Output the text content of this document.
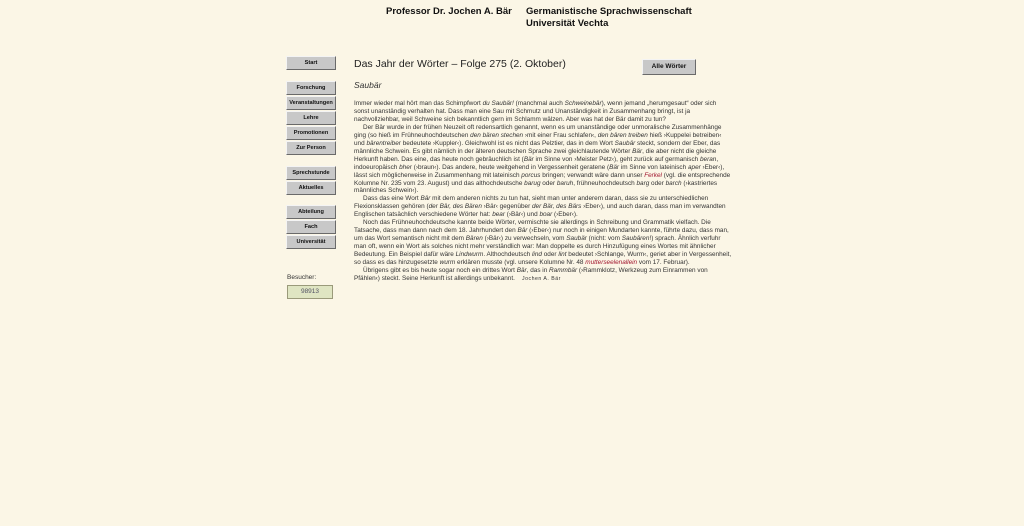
Professor Dr. Jochen A. Bär Germanistische Sprachwissenschaft
Universität Vechta
Start
Forschung
Veranstaltungen
Lehre
Promotionen
Zur Person
Sprechstunde
Aktuelles
Abteilung
Fach
Universität
Besucher:
98913
Das Jahr der Wörter – Folge 275 (2. Oktober)	Alle Wörter
Saubär

Immer wieder mal hört man das Schimpfwort du Saubär! (manchmal auch Schweinebär), wenn jemand „herumgesaut“ oder sich sonst unanständig verhalten hat. Dass man eine Sau mit Schmutz und Unanständigkeit in Zusammenhang bringt, ist ja nachvollziehbar, weil Schweine sich bekanntlich gern im Schlamm wälzen. Aber was hat der Bär damit zu tun?

Der Bär wurde in der frühen Neuzeit oft redensartlich genannt, wenn es um unanständige oder unmoralische Zusammenhänge ging (so hieß im Frühneuhochdeutschen den bären stechen ›mit einer Frau schlafen‹, den bären treiben hieß ›Kuppelei betreiben‹ und bärentreiber bedeutete ›Kuppler‹). Gleichwohl ist es nicht das Pelztier, das in dem Wort Saubär steckt, sondern der Eber, das männliche Schwein. Es gibt nämlich in der älteren deutschen Sprache zwei gleichlautende Wörter Bär, die aber nicht die gleiche Herkunft haben. Das eine, das heute noch gebräuchlich ist (Bär im Sinne von ›Meister Petz‹), geht zurück auf germanisch beran, indoeuropäisch bher (›braun‹). Das andere, heute weitgehend in Vergessenheit geratene (Bär im Sinne von lateinisch aper ›Eber‹), lässt sich möglicherweise in Zusammenhang mit lateinisch porcus bringen; verwandt wäre dann unser Ferkel (vgl. die entsprechende Kolumne Nr. 235 vom 23. August) und das althochdeutsche barug oder baruh, frühneuhochdeutsch barg oder barch (›kastriertes männliches Schwein‹).

Dass das eine Wort Bär mit dem anderen nichts zu tun hat, sieht man unter anderem daran, dass sie zu unterschiedlichen Flexionsklassen gehören (der Bär, des Bären ›Bär‹ gegenüber der Bär, des Bärs ›Eber‹), und auch daran, dass man im verwandten Englischen tatsächlich verschiedene Wörter hat: bear (›Bär‹) und boar (›Eber‹).

Noch das Frühneuhochdeutsche kannte beide Wörter, vermischte sie allerdings in Schreibung und Grammatik vielfach. Die Tatsache, dass man dann nach dem 18. Jahrhundert den Bär (›Eber‹) nur noch in einigen Mundarten kannte, führte dazu, dass man, um das Wort semantisch nicht mit dem Bären (›Bär‹) zu verwechseln, vom Saubär (nicht: vom Saubären!) sprach. Ähnlich verfuhr man oft, wenn ein Wort als solches nicht mehr verständlich war: Man doppelte es durch Hinzufügung eines Wortes mit ähnlicher Bedeutung. Ein Beispiel dafür wäre Lindwurm. Althochdeutsch lind oder lint bedeutet ›Schlange, Wurm‹, geriet aber in Vergessenheit, so dass es das hinzugesetzte wurm erklären musste (vgl. unsere Kolumne Nr. 48 mutterseelenallein vom 17. Februar).

Übrigens gibt es bis heute sogar noch ein drittes Wort Bär, das in Rammbär (›Rammklotz, Werkzeug zum Einrammen von Pfählen‹) steckt. Seine Herkunft ist allerdings unbekannt. Jochen A. Bär
